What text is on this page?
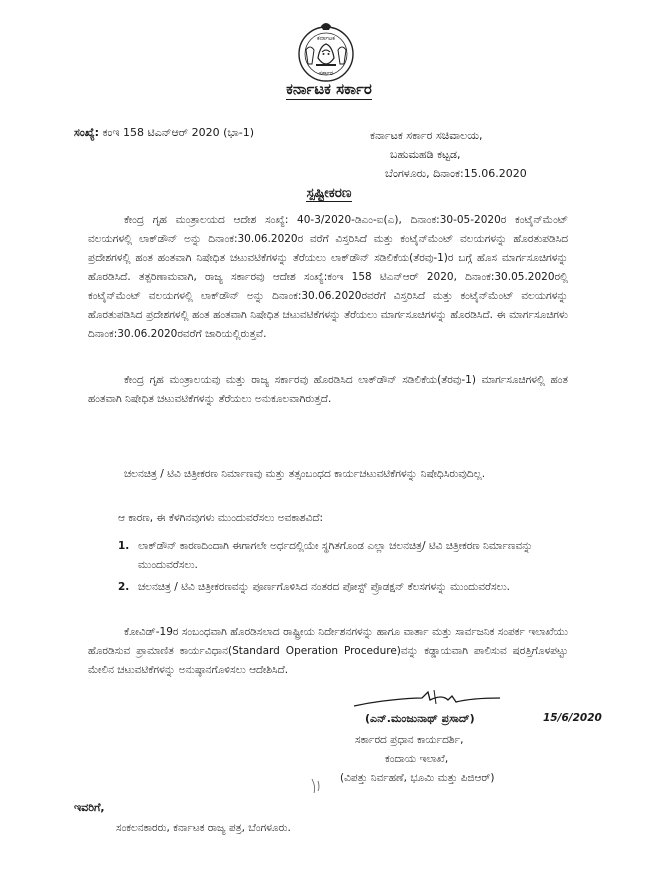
ಕರ್ನಾಟಕ
ಸರ್ಕಾರ
ಕರ್ನಾಟಕ ಸರ್ಕಾರ
ಸಂಖ್ಯೆ: ಕಂಇ 158 ಟಿಎನ್‌ಆರ್ 2020 (ಭಾ-1)	ಕರ್ನಾಟಕ ಸರ್ಕಾರ ಸಚಿವಾಲಯ,
ಬಹುಮಹಡಿ ಕಟ್ಟಡ,
ಬೆಂಗಳೂರು, ದಿನಾಂಕ:15.06.2020
ಸ್ಪಷ್ಟೀಕರಣ
ಕೇಂದ್ರ ಗೃಹ ಮಂತ್ರಾಲಯದ ಆದೇಶ ಸಂಖ್ಯೆ: 40-3/2020-ಡಿಎಂ-ಐ(ಎ), ದಿನಾಂಕ:30-05-2020ರ ಕಂಟೈನ್‌ಮೆಂಟ್ ವಲಯಗಳಲ್ಲಿ ಲಾಕ್‌ಡೌನ್ ಅನ್ನು ದಿನಾಂಕ:30.06.2020ರ ವರೆಗೆ ವಿಸ್ತರಿಸಿದೆ ಮತ್ತು ಕಂಟೈನ್‌ಮೆಂಟ್ ವಲಯಗಳನ್ನು ಹೊರತುಪಡಿಸಿದ ಪ್ರದೇಶಗಳಲ್ಲಿ ಹಂತ ಹಂತವಾಗಿ ನಿಷೇಧಿತ ಚಟುವಟಿಕೆಗಳನ್ನು ತೆರೆಯಲು ಲಾಕ್‌ಡೌನ್ ಸಡಿಲಿಕೆಯ(ತೆರವು-1)ರ ಬಗ್ಗೆ ಹೊಸ ಮಾರ್ಗಸೂಚಿಗಳನ್ನು ಹೊರಡಿಸಿದೆ. ತತ್ಪರಿಣಾಮವಾಗಿ, ರಾಜ್ಯ ಸರ್ಕಾರವು ಆದೇಶ ಸಂಖ್ಯೆ:ಕಂಇ 158 ಟಿಎನ್‌ಆರ್ 2020, ದಿನಾಂಕ:30.05.2020ರಲ್ಲಿ ಕಂಟೈನ್‌ಮೆಂಟ್ ವಲಯಗಳಲ್ಲಿ ಲಾಕ್‌ಡೌನ್ ಅನ್ನು ದಿನಾಂಕ:30.06.2020ರವರೆಗೆ ವಿಸ್ತರಿಸಿದೆ ಮತ್ತು ಕಂಟೈನ್‌ಮೆಂಟ್ ವಲಯಗಳನ್ನು ಹೊರತುಪಡಿಸಿದ ಪ್ರದೇಶಗಳಲ್ಲಿ ಹಂತ ಹಂತವಾಗಿ ನಿಷೇಧಿತ ಚಟುವಟಿಕೆಗಳನ್ನು ತೆರೆಯಲು ಮಾರ್ಗಸೂಚಿಗಳನ್ನು ಹೊರಡಿಸಿದೆ. ಈ ಮಾರ್ಗಸೂಚಿಗಳು ದಿನಾಂಕ:30.06.2020ರವರೆಗೆ ಜಾರಿಯಲ್ಲಿರುತ್ತವೆ.
ಕೇಂದ್ರ ಗೃಹ ಮಂತ್ರಾಲಯವು ಮತ್ತು ರಾಜ್ಯ ಸರ್ಕಾರವು ಹೊರಡಿಸಿದ ಲಾಕ್‌ಡೌನ್ ಸಡಿಲಿಕೆಯ(ತೆರವು-1) ಮಾರ್ಗಸೂಚಿಗಳಲ್ಲಿ ಹಂತ ಹಂತವಾಗಿ ನಿಷೇಧಿತ ಚಟುವಟಿಕೆಗಳನ್ನು ತೆರೆಯಲು ಅನುಕೂಲವಾಗಿರುತ್ತದೆ.
ಚಲನಚಿತ್ರ / ಟಿವಿ ಚಿತ್ರೀಕರಣ ನಿರ್ಮಾಣವು ಮತ್ತು ತತ್ಸಂಬಂಧದ ಕಾರ್ಯಚಟುವಟಿಕೆಗಳನ್ನು ನಿಷೇಧಿಸಿರುವುದಿಲ್ಲ.
ಆ ಕಾರಣ, ಈ ಕೆಳಗಿನವುಗಳು ಮುಂದುವರೆಸಲು ಅವಕಾಶವಿದೆ:
1. ಲಾಕ್‌ಡೌನ್ ಕಾರಣದಿಂದಾಗಿ ಈಗಾಗಲೇ ಅರ್ಧದಲ್ಲಿಯೇ ಸ್ಥಗಿತಗೊಂಡ ಎಲ್ಲಾ ಚಲನಚಿತ್ರ/ ಟಿವಿ ಚಿತ್ರೀಕರಣ ನಿರ್ಮಾಣವನ್ನು ಮುಂದುವರೆಸಲು.
2. ಚಲನಚಿತ್ರ / ಟಿವಿ ಚಿತ್ರೀಕರಣವನ್ನು ಪೂರ್ಣಗೊಳಿಸಿದ ನಂತರದ ಪೋಸ್ಟ್ ಪ್ರೊಡಕ್ಷನ್ ಕೆಲಸಗಳನ್ನು ಮುಂದುವರೆಸಲು.
ಕೋವಿಡ್-19ರ ಸಂಬಂಧವಾಗಿ ಹೊರಡಿಸಲಾದ ರಾಷ್ಟ್ರೀಯ ನಿರ್ದೇಶನಗಳನ್ನು ಹಾಗೂ ವಾರ್ತಾ ಮತ್ತು ಸಾರ್ವಜನಿಕ ಸಂಪರ್ಕ ಇಲಾಖೆಯು ಹೊರಡಿಸುವ ಪ್ರಾಮಾಣಿತ ಕಾರ್ಯವಿಧಾನ(Standard Operation Procedure)ವನ್ನು ಕಡ್ಡಾಯವಾಗಿ ಪಾಲಿಸುವ ಷರತ್ತಿಗೊಳಪಟ್ಟು ಮೇಲಿನ ಚಟುವಟಿಕೆಗಳನ್ನು ಅನುಷ್ಠಾನಗೊಳಿಸಲು ಆದೇಶಿಸಿದೆ.
(ಎನ್.ಮಂಜುನಾಥ್ ಪ್ರಸಾದ್)	15/6/2020
ಸರ್ಕಾರದ ಪ್ರಧಾನ ಕಾರ್ಯದರ್ಶಿ,
ಕಂದಾಯ ಇಲಾಖೆ,
(ವಿಪತ್ತು ನಿರ್ವಹಣೆ, ಭೂಮಿ ಮತ್ತು ಪಿಜಿಆರ್)
ಇವರಿಗೆ,
ಸಂಕಲನಕಾರರು, ಕರ್ನಾಟಕ ರಾಜ್ಯ ಪತ್ರ, ಬೆಂಗಳೂರು.
